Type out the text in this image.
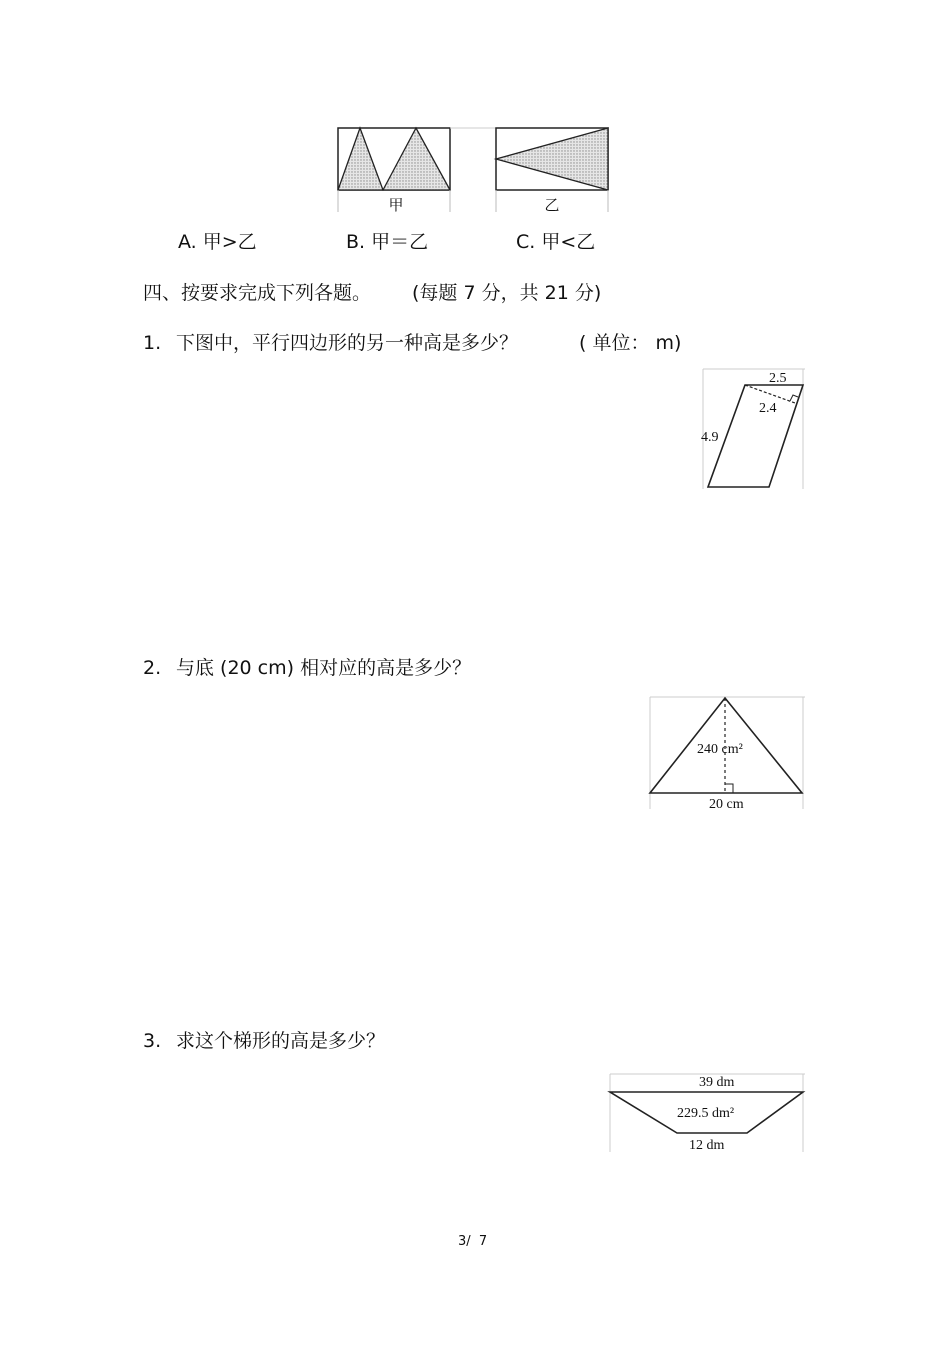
甲	乙
A. 甲>乙	B. 甲＝乙	C. 甲<乙
四、按要求完成下列各题。 (每题 7 分，共 21 分)
1. 下图中，平行四边形的另一种高是多少？	( 单位： m)
2.5
2.4
4.9
2. 与底 (20 cm) 相对应的高是多少？
240 cm²
20 cm
3. 求这个梯形的高是多少？
39 dm
229.5 dm²
12 dm
3/  7
